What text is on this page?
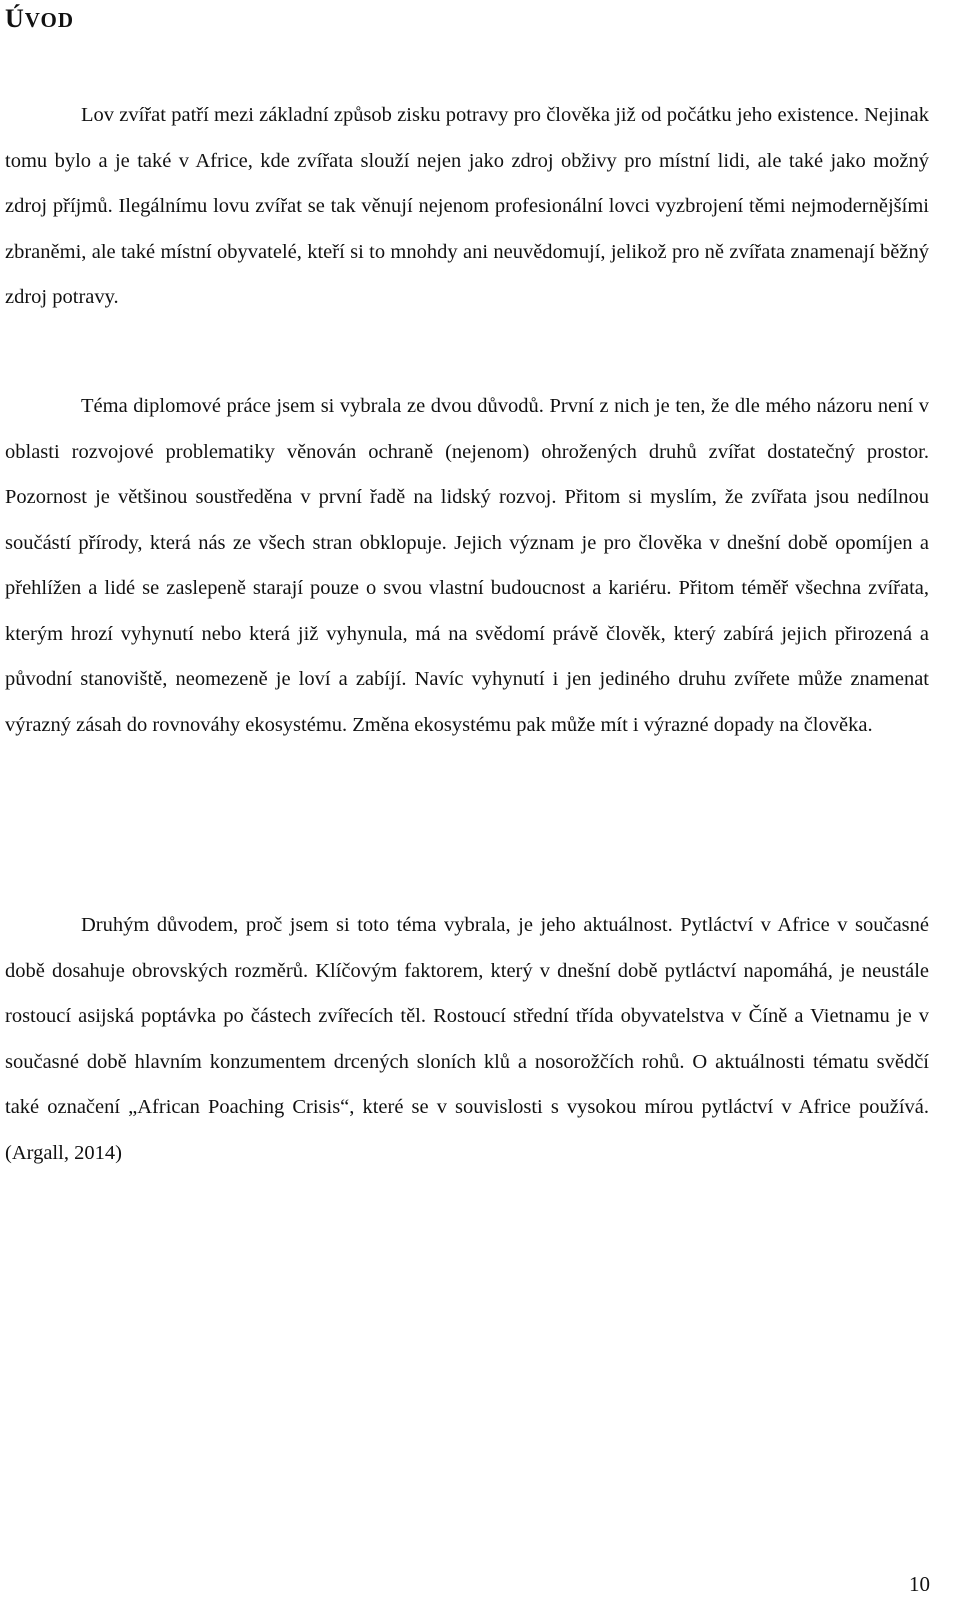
ÚVOD

Lov zvířat patří mezi základní způsob zisku potravy pro člověka již od počátku jeho existence. Nejinak tomu bylo a je také v Africe, kde zvířata slouží nejen jako zdroj obživy pro místní lidi, ale také jako možný zdroj příjmů. Ilegálnímu lovu zvířat se tak věnují nejenom profesionální lovci vyzbrojení těmi nejmodernějšími zbraněmi, ale také místní obyvatelé, kteří si to mnohdy ani neuvědomují, jelikož pro ně zvířata znamenají běžný zdroj potravy.

Téma diplomové práce jsem si vybrala ze dvou důvodů. První z nich je ten, že dle mého názoru není v oblasti rozvojové problematiky věnován ochraně (nejenom) ohrožených druhů zvířat dostatečný prostor. Pozornost je většinou soustředěna v první řadě na lidský rozvoj. Přitom si myslím, že zvířata jsou nedílnou součástí přírody, která nás ze všech stran obklopuje. Jejich význam je pro člověka v dnešní době opomíjen a přehlížen a lidé se zaslepeně starají pouze o svou vlastní budoucnost a kariéru. Přitom téměř všechna zvířata, kterým hrozí vyhynutí nebo která již vyhynula, má na svědomí právě člověk, který zabírá jejich přirozená a původní stanoviště, neomezeně je loví a zabíjí. Navíc vyhynutí i jen jediného druhu zvířete může znamenat výrazný zásah do rovnováhy ekosystému. Změna ekosystému pak může mít i výrazné dopady na člověka.

Druhým důvodem, proč jsem si toto téma vybrala, je jeho aktuálnost. Pytláctví v Africe v současné době dosahuje obrovských rozměrů. Klíčovým faktorem, který v dnešní době pytláctví napomáhá, je neustále rostoucí asijská poptávka po částech zvířecích těl. Rostoucí střední třída obyvatelstva v Číně a Vietnamu je v současné době hlavním konzumentem drcených sloních klů a nosorožčích rohů. O aktuálnosti tématu svědčí také označení „African Poaching Crisis“, které se v souvislosti s vysokou mírou pytláctví v Africe používá. (Argall, 2014)

10
